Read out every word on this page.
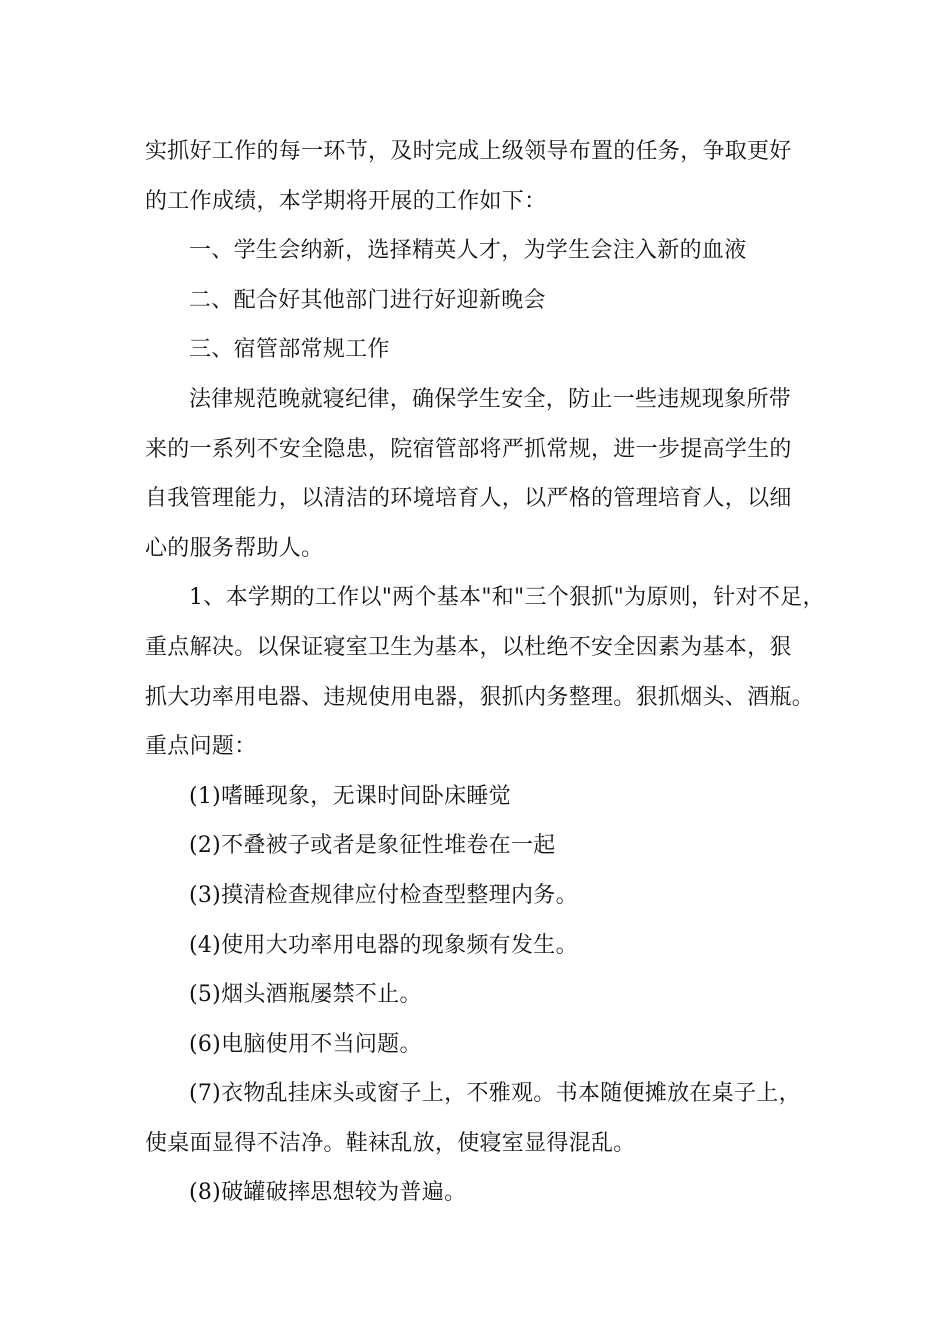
实抓好工作的每一环节，及时完成上级领导布置的任务，争取更好
的工作成绩，本学期将开展的工作如下：
一、学生会纳新，选择精英人才，为学生会注入新的血液
二、配合好其他部门进行好迎新晚会
三、宿管部常规工作
法律规范晚就寝纪律，确保学生安全，防止一些违规现象所带
来的一系列不安全隐患，院宿管部将严抓常规，进一步提高学生的
自我管理能力，以清洁的环境培育人，以严格的管理培育人，以细
心的服务帮助人。
1、本学期的工作以"两个基本"和"三个狠抓"为原则，针对不足，
重点解决。以保证寝室卫生为基本，以杜绝不安全因素为基本，狠
抓大功率用电器、违规使用电器，狠抓内务整理。狠抓烟头、酒瓶。
重点问题：
(1)嗜睡现象，无课时间卧床睡觉
(2)不叠被子或者是象征性堆卷在一起
(3)摸清检查规律应付检查型整理内务。
(4)使用大功率用电器的现象频有发生。
(5)烟头酒瓶屡禁不止。
(6)电脑使用不当问题。
(7)衣物乱挂床头或窗子上，不雅观。书本随便摊放在桌子上，
使桌面显得不洁净。鞋袜乱放，使寝室显得混乱。
(8)破罐破摔思想较为普遍。
